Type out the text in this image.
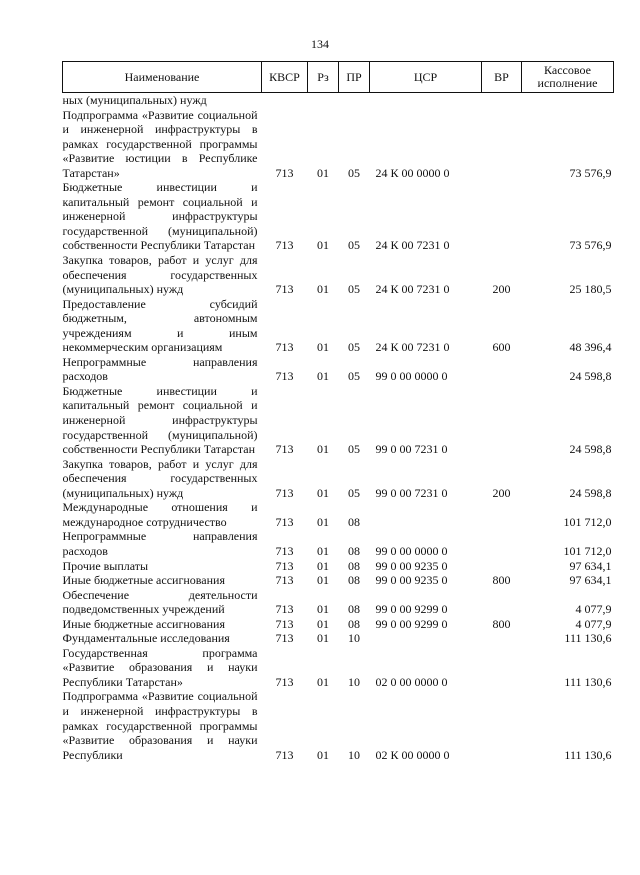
134
Наименование	КВСР	Рз	ПР	ЦСР	ВР	Кассовое
исполнение

ных (муниципальных) нужд						
Подпрограмма «Развитие социальной и инженерной инфраструктуры в рамках государственной программы «Развитие юстиции в Республике Татарстан»	713	01	05	24 К 00 0000 0		73 576,9
Бюджетные инвестиции и капитальный ремонт социальной и инженерной инфраструктуры государственной (муниципальной) собственности Республики Татарстан	713	01	05	24 К 00 7231 0		73 576,9
Закупка товаров, работ и услуг для обеспечения государственных (муниципальных) нужд	713	01	05	24 К 00 7231 0	200	25 180,5
Предоставление субсидий бюджетным, автономным учреждениям и иным некоммерческим организациям	713	01	05	24 К 00 7231 0	600	48 396,4
Непрограммные направления расходов	713	01	05	99 0 00 0000 0		24 598,8
Бюджетные инвестиции и капитальный ремонт социальной и инженерной инфраструктуры государственной (муниципальной) собственности Республики Татарстан	713	01	05	99 0 00 7231 0		24 598,8
Закупка товаров, работ и услуг для обеспечения государственных (муниципальных) нужд	713	01	05	99 0 00 7231 0	200	24 598,8
Международные отношения и международное сотрудничество	713	01	08			101 712,0
Непрограммные направления расходов	713	01	08	99 0 00 0000 0		101 712,0
Прочие выплаты	713	01	08	99 0 00 9235 0		97 634,1
Иные бюджетные ассигнования	713	01	08	99 0 00 9235 0	800	97 634,1
Обеспечение деятельности подведомственных учреждений	713	01	08	99 0 00 9299 0		4 077,9
Иные бюджетные ассигнования	713	01	08	99 0 00 9299 0	800	4 077,9
Фундаментальные исследования	713	01	10			111 130,6
Государственная программа «Развитие образования и науки Республики Татарстан»	713	01	10	02 0 00 0000 0		111 130,6
Подпрограмма «Развитие социальной и инженерной инфраструктуры в рамках государственной программы «Развитие образования и науки Республики	713	01	10	02 К 00 0000 0		111 130,6
